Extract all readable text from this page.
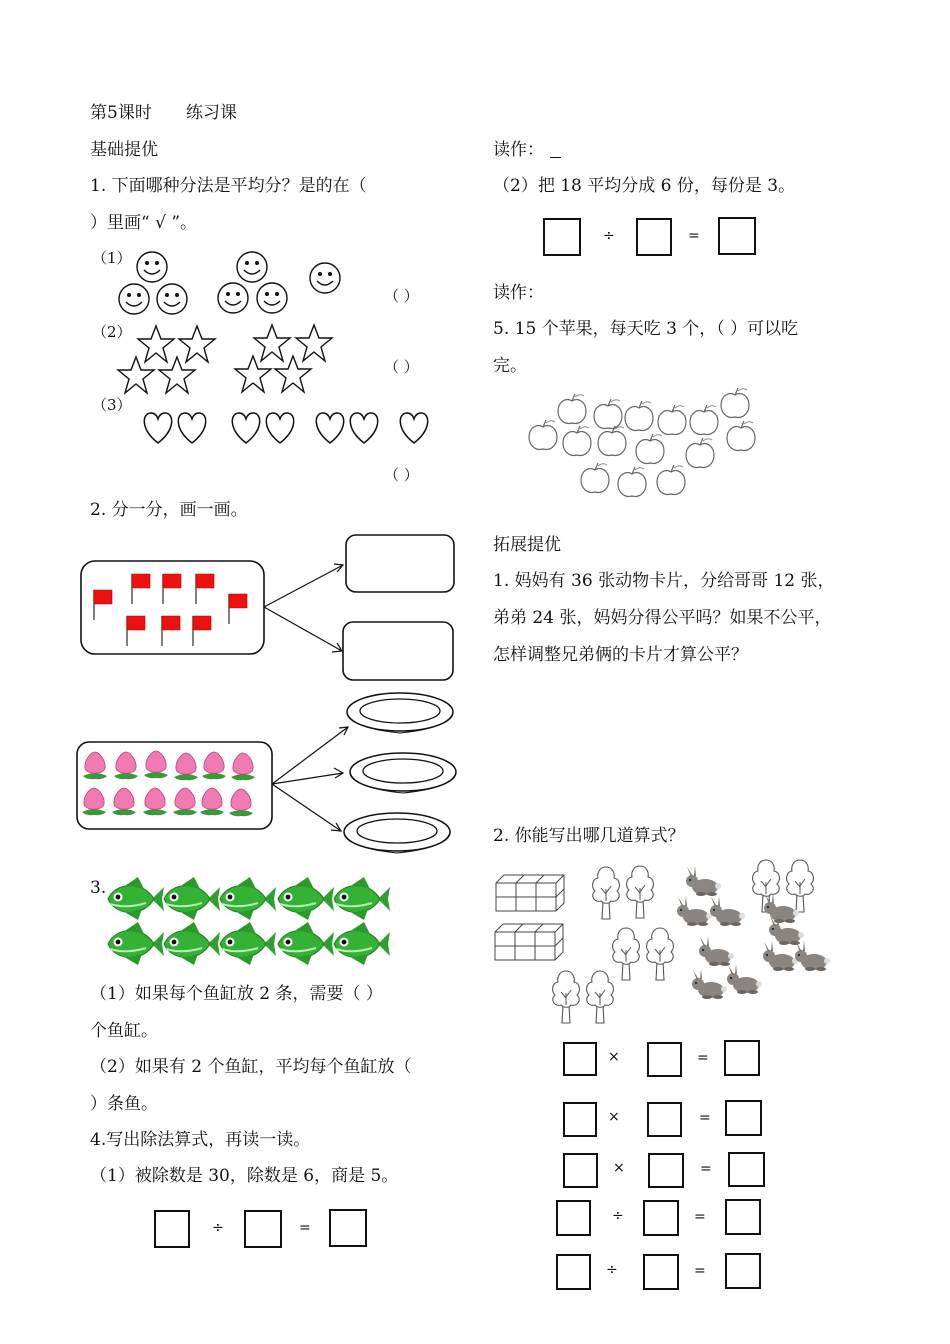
第5课时 练习课
基础提优
1. 下面哪种分法是平均分？是的在（
）里画“ √ ”。
（1）
（2）
（3）
（ ）
（ ）
（ ）
2. 分一分，画一画。
3.
（1）如果每个鱼缸放 2 条，需要（ ）
个鱼缸。
（2）如果有 2 个鱼缸，平均每个鱼缸放（
）条鱼。
4.写出除法算式，再读一读。
（1）被除数是 30，除数是 6，商是 5。
÷	=
读作：
（2）把 18 平均分成 6 份，每份是 3。
÷	=
读作：
5. 15 个苹果，每天吃 3 个，（ ）可以吃
完。
拓展提优
1. 妈妈有 36 张动物卡片，分给哥哥 12 张，
弟弟 24 张，妈妈分得公平吗？如果不公平，
怎样调整兄弟俩的卡片才算公平？
2. 你能写出哪几道算式？
×	=
×	=
×	=
÷	=
÷	=
